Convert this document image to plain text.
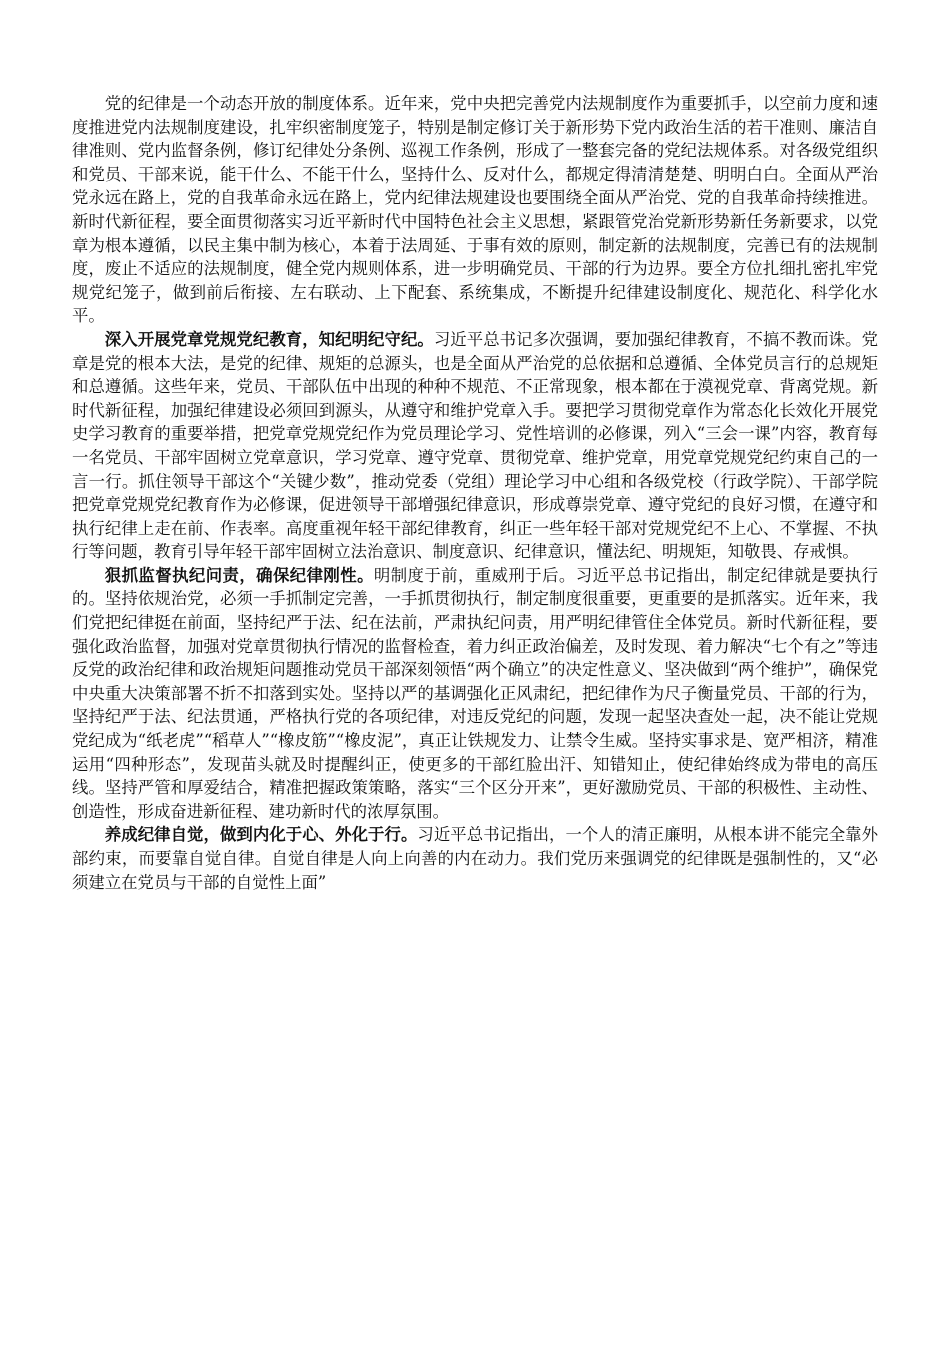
党的纪律是一个动态开放的制度体系。近年来，党中央把完善党内法规制度作为重要抓手，以空前力度和速度推进党内法规制度建设，扎牢织密制度笼子，特别是制定修订关于新形势下党内政治生活的若干准则、廉洁自律准则、党内监督条例，修订纪律处分条例、巡视工作条例，形成了一整套完备的党纪法规体系。对各级党组织和党员、干部来说，能干什么、不能干什么，坚持什么、反对什么，都规定得清清楚楚、明明白白。全面从严治党永远在路上，党的自我革命永远在路上，党内纪律法规建设也要围绕全面从严治党、党的自我革命持续推进。新时代新征程，要全面贯彻落实习近平新时代中国特色社会主义思想，紧跟管党治党新形势新任务新要求，以党章为根本遵循，以民主集中制为核心，本着于法周延、于事有效的原则，制定新的法规制度，完善已有的法规制度，废止不适应的法规制度，健全党内规则体系，进一步明确党员、干部的行为边界。要全方位扎细扎密扎牢党规党纪笼子，做到前后衔接、左右联动、上下配套、系统集成，不断提升纪律建设制度化、规范化、科学化水平。

深入开展党章党规党纪教育，知纪明纪守纪。习近平总书记多次强调，要加强纪律教育，不搞不教而诛。党章是党的根本大法，是党的纪律、规矩的总源头，也是全面从严治党的总依据和总遵循、全体党员言行的总规矩和总遵循。这些年来，党员、干部队伍中出现的种种不规范、不正常现象，根本都在于漠视党章、背离党规。新时代新征程，加强纪律建设必须回到源头，从遵守和维护党章入手。要把学习贯彻党章作为常态化长效化开展党史学习教育的重要举措，把党章党规党纪作为党员理论学习、党性培训的必修课，列入“三会一课”内容，教育每一名党员、干部牢固树立党章意识，学习党章、遵守党章、贯彻党章、维护党章，用党章党规党纪约束自己的一言一行。抓住领导干部这个“关键少数”，推动党委（党组）理论学习中心组和各级党校（行政学院）、干部学院把党章党规党纪教育作为必修课，促进领导干部增强纪律意识，形成尊崇党章、遵守党纪的良好习惯，在遵守和执行纪律上走在前、作表率。高度重视年轻干部纪律教育，纠正一些年轻干部对党规党纪不上心、不掌握、不执行等问题，教育引导年轻干部牢固树立法治意识、制度意识、纪律意识，懂法纪、明规矩，知敬畏、存戒惧。

狠抓监督执纪问责，确保纪律刚性。明制度于前，重威刑于后。习近平总书记指出，制定纪律就是要执行的。坚持依规治党，必须一手抓制定完善，一手抓贯彻执行，制定制度很重要，更重要的是抓落实。近年来，我们党把纪律挺在前面，坚持纪严于法、纪在法前，严肃执纪问责，用严明纪律管住全体党员。新时代新征程，要强化政治监督，加强对党章贯彻执行情况的监督检查，着力纠正政治偏差，及时发现、着力解决“七个有之”等违反党的政治纪律和政治规矩问题推动党员干部深刻领悟“两个确立”的决定性意义、坚决做到“两个维护”，确保党中央重大决策部署不折不扣落到实处。坚持以严的基调强化正风肃纪，把纪律作为尺子衡量党员、干部的行为，坚持纪严于法、纪法贯通，严格执行党的各项纪律，对违反党纪的问题，发现一起坚决查处一起，决不能让党规党纪成为“纸老虎”“稻草人”“橡皮筋”“橡皮泥”，真正让铁规发力、让禁令生威。坚持实事求是、宽严相济，精准运用“四种形态”，发现苗头就及时提醒纠正，使更多的干部红脸出汗、知错知止，使纪律始终成为带电的高压线。坚持严管和厚爱结合，精准把握政策策略，落实“三个区分开来”，更好激励党员、干部的积极性、主动性、创造性，形成奋进新征程、建功新时代的浓厚氛围。

养成纪律自觉，做到内化于心、外化于行。习近平总书记指出，一个人的清正廉明，从根本讲不能完全靠外部约束，而要靠自觉自律。自觉自律是人向上向善的内在动力。我们党历来强调党的纪律既是强制性的，又“必须建立在党员与干部的自觉性上面”
